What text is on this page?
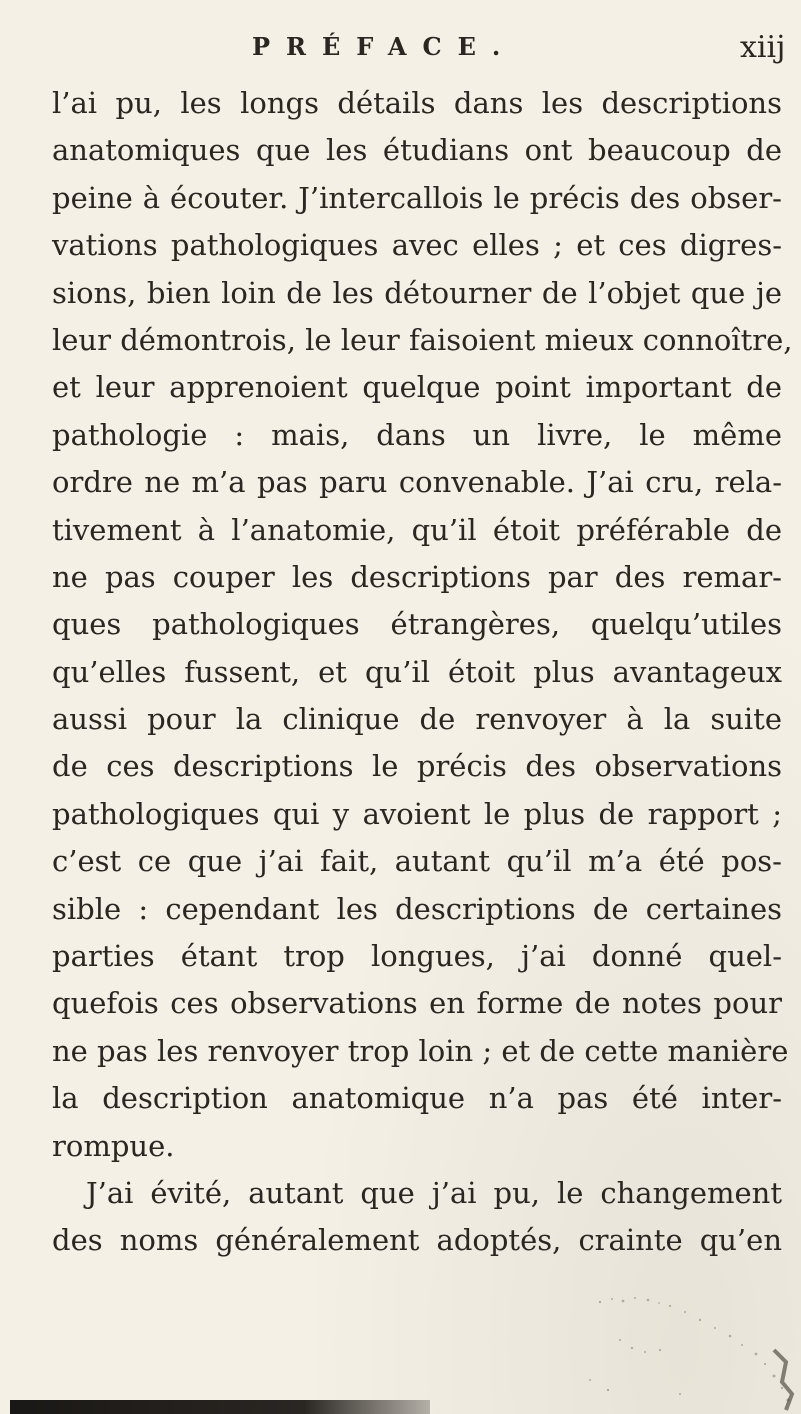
PRÉFACE.	xiij
l’ai pu, les longs détails dans les descriptions
anatomiques que les étudians ont beaucoup de
peine à écouter. J’intercallois le précis des obser-
vations pathologiques avec elles ; et ces digres-
sions, bien loin de les détourner de l’objet que je
leur démontrois, le leur faisoient mieux connoître,
et leur apprenoient quelque point important de
pathologie : mais, dans un livre, le même
ordre ne m’a pas paru convenable. J’ai cru, rela-
tivement à l’anatomie, qu’il étoit préférable de
ne pas couper les descriptions par des remar-
ques pathologiques étrangères, quelqu’utiles
qu’elles fussent, et qu’il étoit plus avantageux
aussi pour la clinique de renvoyer à la suite
de ces descriptions le précis des observations
pathologiques qui y avoient le plus de rapport ;
c’est ce que j’ai fait, autant qu’il m’a été pos-
sible : cependant les descriptions de certaines
parties étant trop longues, j’ai donné quel-
quefois ces observations en forme de notes pour
ne pas les renvoyer trop loin ; et de cette manière
la description anatomique n’a pas été inter-
rompue.
J’ai évité, autant que j’ai pu, le changement
des noms généralement adoptés, crainte qu’en
